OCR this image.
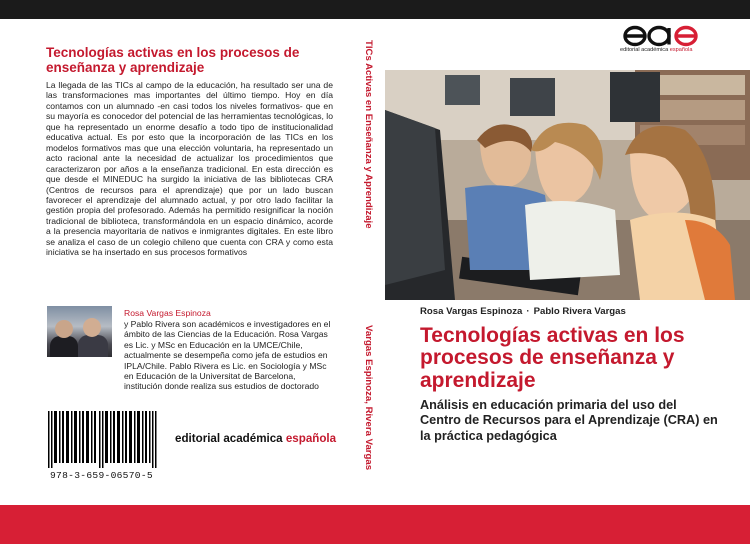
Tecnologías activas en los procesos de enseñanza y aprendizaje
La llegada de las TICs al campo de la educación, ha resultado ser una de las transformaciones mas importantes del último tiempo. Hoy en día contamos con un alumnado -en casi todos los niveles formativos- que en su mayoría es conocedor del potencial de las herramientas tecnológicas, lo que ha representado un enorme desafío a todo tipo de institucionalidad educativa actual. Es por esto que la incorporación de las TICs en los modelos formativos mas que una elección voluntaria, ha representado un acto racional ante la necesidad de actualizar los procedimientos que caracterizaron por años a la enseñanza tradicional. En esta dirección es que desde el MINEDUC ha surgido la iniciativa de las bibliotecas CRA (Centros de recursos para el aprendizaje) que por un lado buscan favorecer el aprendizaje del alumnado actual, y por otro lado facilitar la gestión propia del profesorado. Además ha permitido resignificar la noción tradicional de biblioteca, transformándola en un espacio dinámico, acorde a la presencia mayoritaria de nativos e inmigrantes digitales. En este libro se analiza el caso de un colegio chileno que cuenta con CRA y como esta iniciativa se ha insertado en sus procesos formativos
Rosa Vargas Espinoza
y Pablo Rivera son académicos e investigadores en el ámbito de las Ciencias de la Educación. Rosa Vargas es Lic. y MSc en Educación en la UMCE/Chile, actualmente se desempeña como jefa de estudios en IPLA/Chile. Pablo Rivera es Lic. en Sociología y MSc en Educación de la Universitat de Barcelona, institución donde realiza sus estudios de doctorado
978-3-659-06570-5
editorial académica española
TICs Activas en Enseñanza y Aprendizaje
Vargas Espinoza, Rivera Vargas
editorial académica española
Rosa Vargas Espinoza · Pablo Rivera Vargas
Tecnologías activas en los procesos de enseñanza y aprendizaje
Análisis en educación primaria del uso del Centro de Recursos para el Aprendizaje (CRA) en la práctica pedagógica
